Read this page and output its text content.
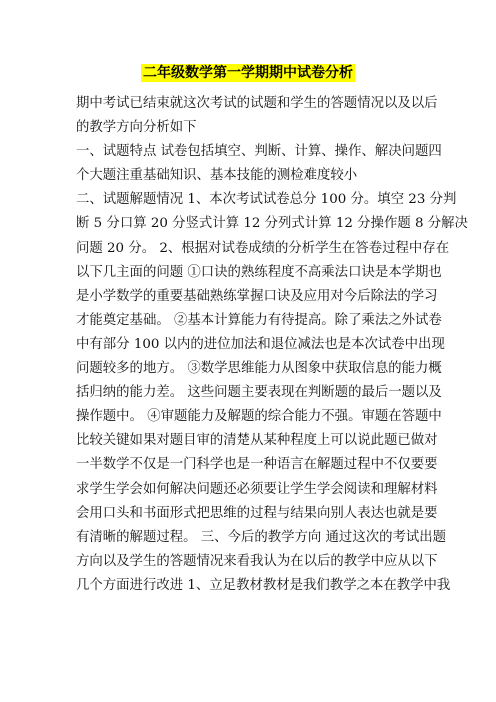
二年级数学第一学期期中试卷分析
期中考试已结束就这次考试的试题和学生的答题情况以及以后
的教学方向分析如下
一、试题特点 试卷包括填空、判断、计算、操作、解决问题四
个大题注重基础知识、基本技能的测检难度较小
二、试题解题情况 1、本次考试试卷总分 100 分。填空 23 分判
断 5 分口算 20 分竖式计算 12 分列式计算 12 分操作题 8 分解决
问题 20 分。 2、根据对试卷成绩的分析学生在答卷过程中存在
以下几主面的问题 ①口诀的熟练程度不高乘法口诀是本学期也
是小学数学的重要基础熟练掌握口诀及应用对今后除法的学习
才能奠定基础。 ②基本计算能力有待提高。除了乘法之外试卷
中有部分 100 以内的进位加法和退位减法也是本次试卷中出现
问题较多的地方。 ③数学思维能力从图象中获取信息的能力概
括归纳的能力差。 这些问题主要表现在判断题的最后一题以及
操作题中。 ④审题能力及解题的综合能力不强。审题在答题中
比较关键如果对题目审的清楚从某种程度上可以说此题已做对
一半数学不仅是一门科学也是一种语言在解题过程中不仅要要
求学生学会如何解决问题还必须要让学生学会阅读和理解材料
会用口头和书面形式把思维的过程与结果向别人表达也就是要
有清晰的解题过程。 三、今后的教学方向 通过这次的考试出题
方向以及学生的答题情况来看我认为在以后的教学中应从以下
几个方面进行改进 1、立足教材教材是我们教学之本在教学中我
